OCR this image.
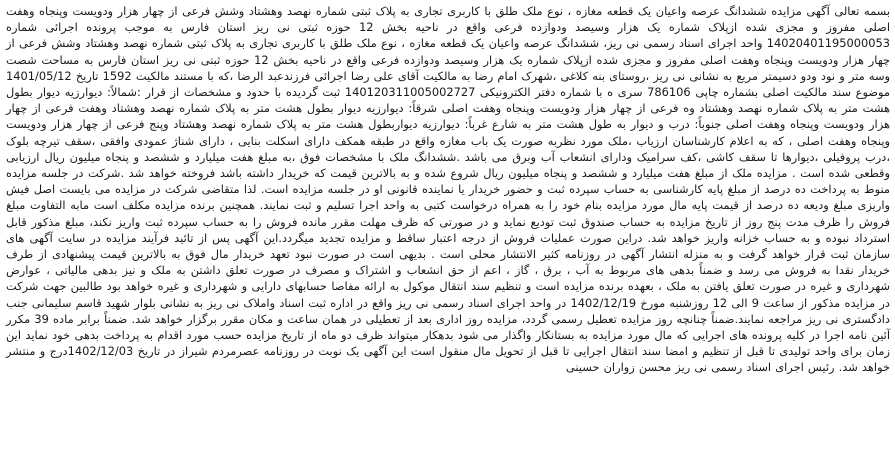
بسمه تعالی آگهی مزایده ششدانگ عرصه واعیان یک قطعه مغازه ، نوع ملک طلق با کاربری تجاری به پلاک ثبتی شماره نهصد وهشتاد وشش فرعی از چهار هزار ودویست وپنجاه وهفت اصلی مفروز و مجزی شده ازپلاک شماره یک هزار وسیصد ودوازده فرعی واقع در ناحیه بخش 12 حوزه ثبتی نی ریز استان فارس به موجب پرونده اجرائی شماره 14020401195000053 واحد اجرای اسناد رسمی نی ریز، ششدانگ عرصه واعیان یک قطعه مغازه ، نوع ملک طلق با کاربری تجاری به پلاک ثبتی شماره نهصد وهشتاد وشش فرعی از چهار هزار ودویست وپنجاه وهفت اصلی مفروز و مجزی شده ازپلاک شماره یک هزار وسیصد ودوازده فرعی واقع در ناحیه بخش 12 حوزه ثبتی نی ریز استان فارس به مساحت شصت وسه متر و نود ودو دسیمتر مربع به نشانی نی ریز ،روستای بنه کلاغی ،شهرک امام رضا به مالکیت آقای علی رضا اجرائی فرزندعبد الرضا ،که با مستند مالکیت 1592 تاریخ 1401/05/12 موضوع سند مالکیت اصلی بشماره چاپی 786106 سری ه با شماره دفتر الکترونیکی 140120311005002727 ثبت گردیده با حدود و مشخصات از قرار :شمالاً: دیوارزیه دیوار بطول هشت متر به پلاک شماره نهصد وهشتاد وه فرعی از چهار هزار ودویست وپنجاه وهفت اصلی شرقاً: دیوارزیه دیوار بطول هشت متر به پلاک شماره نهصد وهشتاد وهفت فرعی از چهار هزار ودویست وپنجاه وهفت اصلی جنوباً: درب و دیوار به طول هشت متر به شارع غرباً: دیوارزیه دیواربطول هشت متر به پلاک شماره نهصد وهشتاد وپنج فرعی از چهار هزار ودویست وپنجاه وهفت اصلی ، که به اعلام کارشناسان ارزیاب ،ملک مورد نظربه صورت یک باب مغازه واقع در طبقه همکف دارای اسکلت بنایی ، دارای شناژ عمودی وافقی ،سقف تیرچه بلوک ،درب پروفیلی ،دیوارها تا سقف کاشی ،کف سرامیک ودارای انشعاب آب وبرق می باشد .ششدانگ ملک با مشخصات فوق ،به مبلغ هفت میلیارد و ششصد و پنجاه میلیون ریال ارزیابی وقطعی شده است . مزایده ملک از مبلغ هفت میلیارد و ششصد و پنجاه میلیون ریال شروع شده و به بالاترین قیمت که خریدار داشته باشد فروخته خواهد شد .شرکت در جلسه مزایده منوط به پرداخت ده درصد از مبلغ پایه کارشناسی به حساب سپرده ثبت و حضور خریدار یا نماینده قانونی او در جلسه مزایده است. لذا متقاضی شرکت در مزایده می بایست اصل فیش واریزی مبلغ ودیعه ده درصد از قیمت پایه مال مورد مزایده بنام خود را به همراه درخواست کتبی به واحد اجرا تسلیم و ثبت نمایند. همچنین برنده مزایده مکلف است مابه التفاوت مبلغ فروش را ظرف مدت پنج روز از تاریخ مزایده به حساب صندوق ثبت تودیع نماید و در صورتی که ظرف مهلت مقرر مانده فروش را به حساب سپرده ثبت واریز نکند، مبلغ مذکور قابل استرداد نبوده و به حساب خزانه واریز خواهد شد. دراین صورت عملیات فروش از درجه اعتبار ساقط و مزایده تجدید میگردد.این آگهی پس از تائید فرآیند مزایده در سایت آگهی های سازمان ثبت قرار خواهد گرفت و به منزله انتشار آگهی در روزنامه کثیر الانتشار محلی است . بدیهی است در صورت نبود تعهد خریدار مال فوق به بالاترین قیمت پیشنهادی از طرف خریدار نقدا به فروش می رسد و ضمناً بدهی های مربوط به آب ، برق ، گاز ، اعم از حق انشعاب و اشتراک و مصرف در صورت تعلق داشتن به ملک و نیز بدهی مالیاتی ، عوارض شهرداری و غیره در صورت تعلق یافتن به ملک ، بعهده برنده مزایده است و تنظیم سند انتقال موکول به ارائه مفاصا حسابهای دارایی و شهرداری و غیره خواهد بود طالبین جهت شرکت در مزایده مذکور از ساعت 9 الی 12 روزشنبه مورخ 1402/12/19 در واحد اجرای اسناد رسمی نی ریز واقع در اداره ثبت اسناد واملاک نی ریز به نشانی بلوار شهید قاسم سلیمانی جنب دادگستری نی ریز مراجعه نمایند.ضمناً چنانچه روز مزایده تعطیل رسمی گردد، مزایده روز اداری بعد از تعطیلی در همان ساعت و مکان مقرر برگزار خواهد شد. ضمناً برابر ماده 39 مکرر آئین نامه اجرا در کلیه پرونده های اجرایی که مال مورد مزایده به بستانکار واگذار می شود بدهکار میتواند ظرف دو ماه از تاریخ مزایده حسب مورد اقدام به پرداخت بدهی خود نماید این زمان برای واحد تولیدی تا قبل از تنظیم و امضا سند انتقال اجرایی تا قبل از تحویل مال منقول است این آگهی یک نوبت در روزنامه عصرمردم شیراز در تاریخ 1402/12/03درج و منتشر خواهد شد. رئیس اجرای اسناد رسمی نی ریز محسن زواران حسینی
